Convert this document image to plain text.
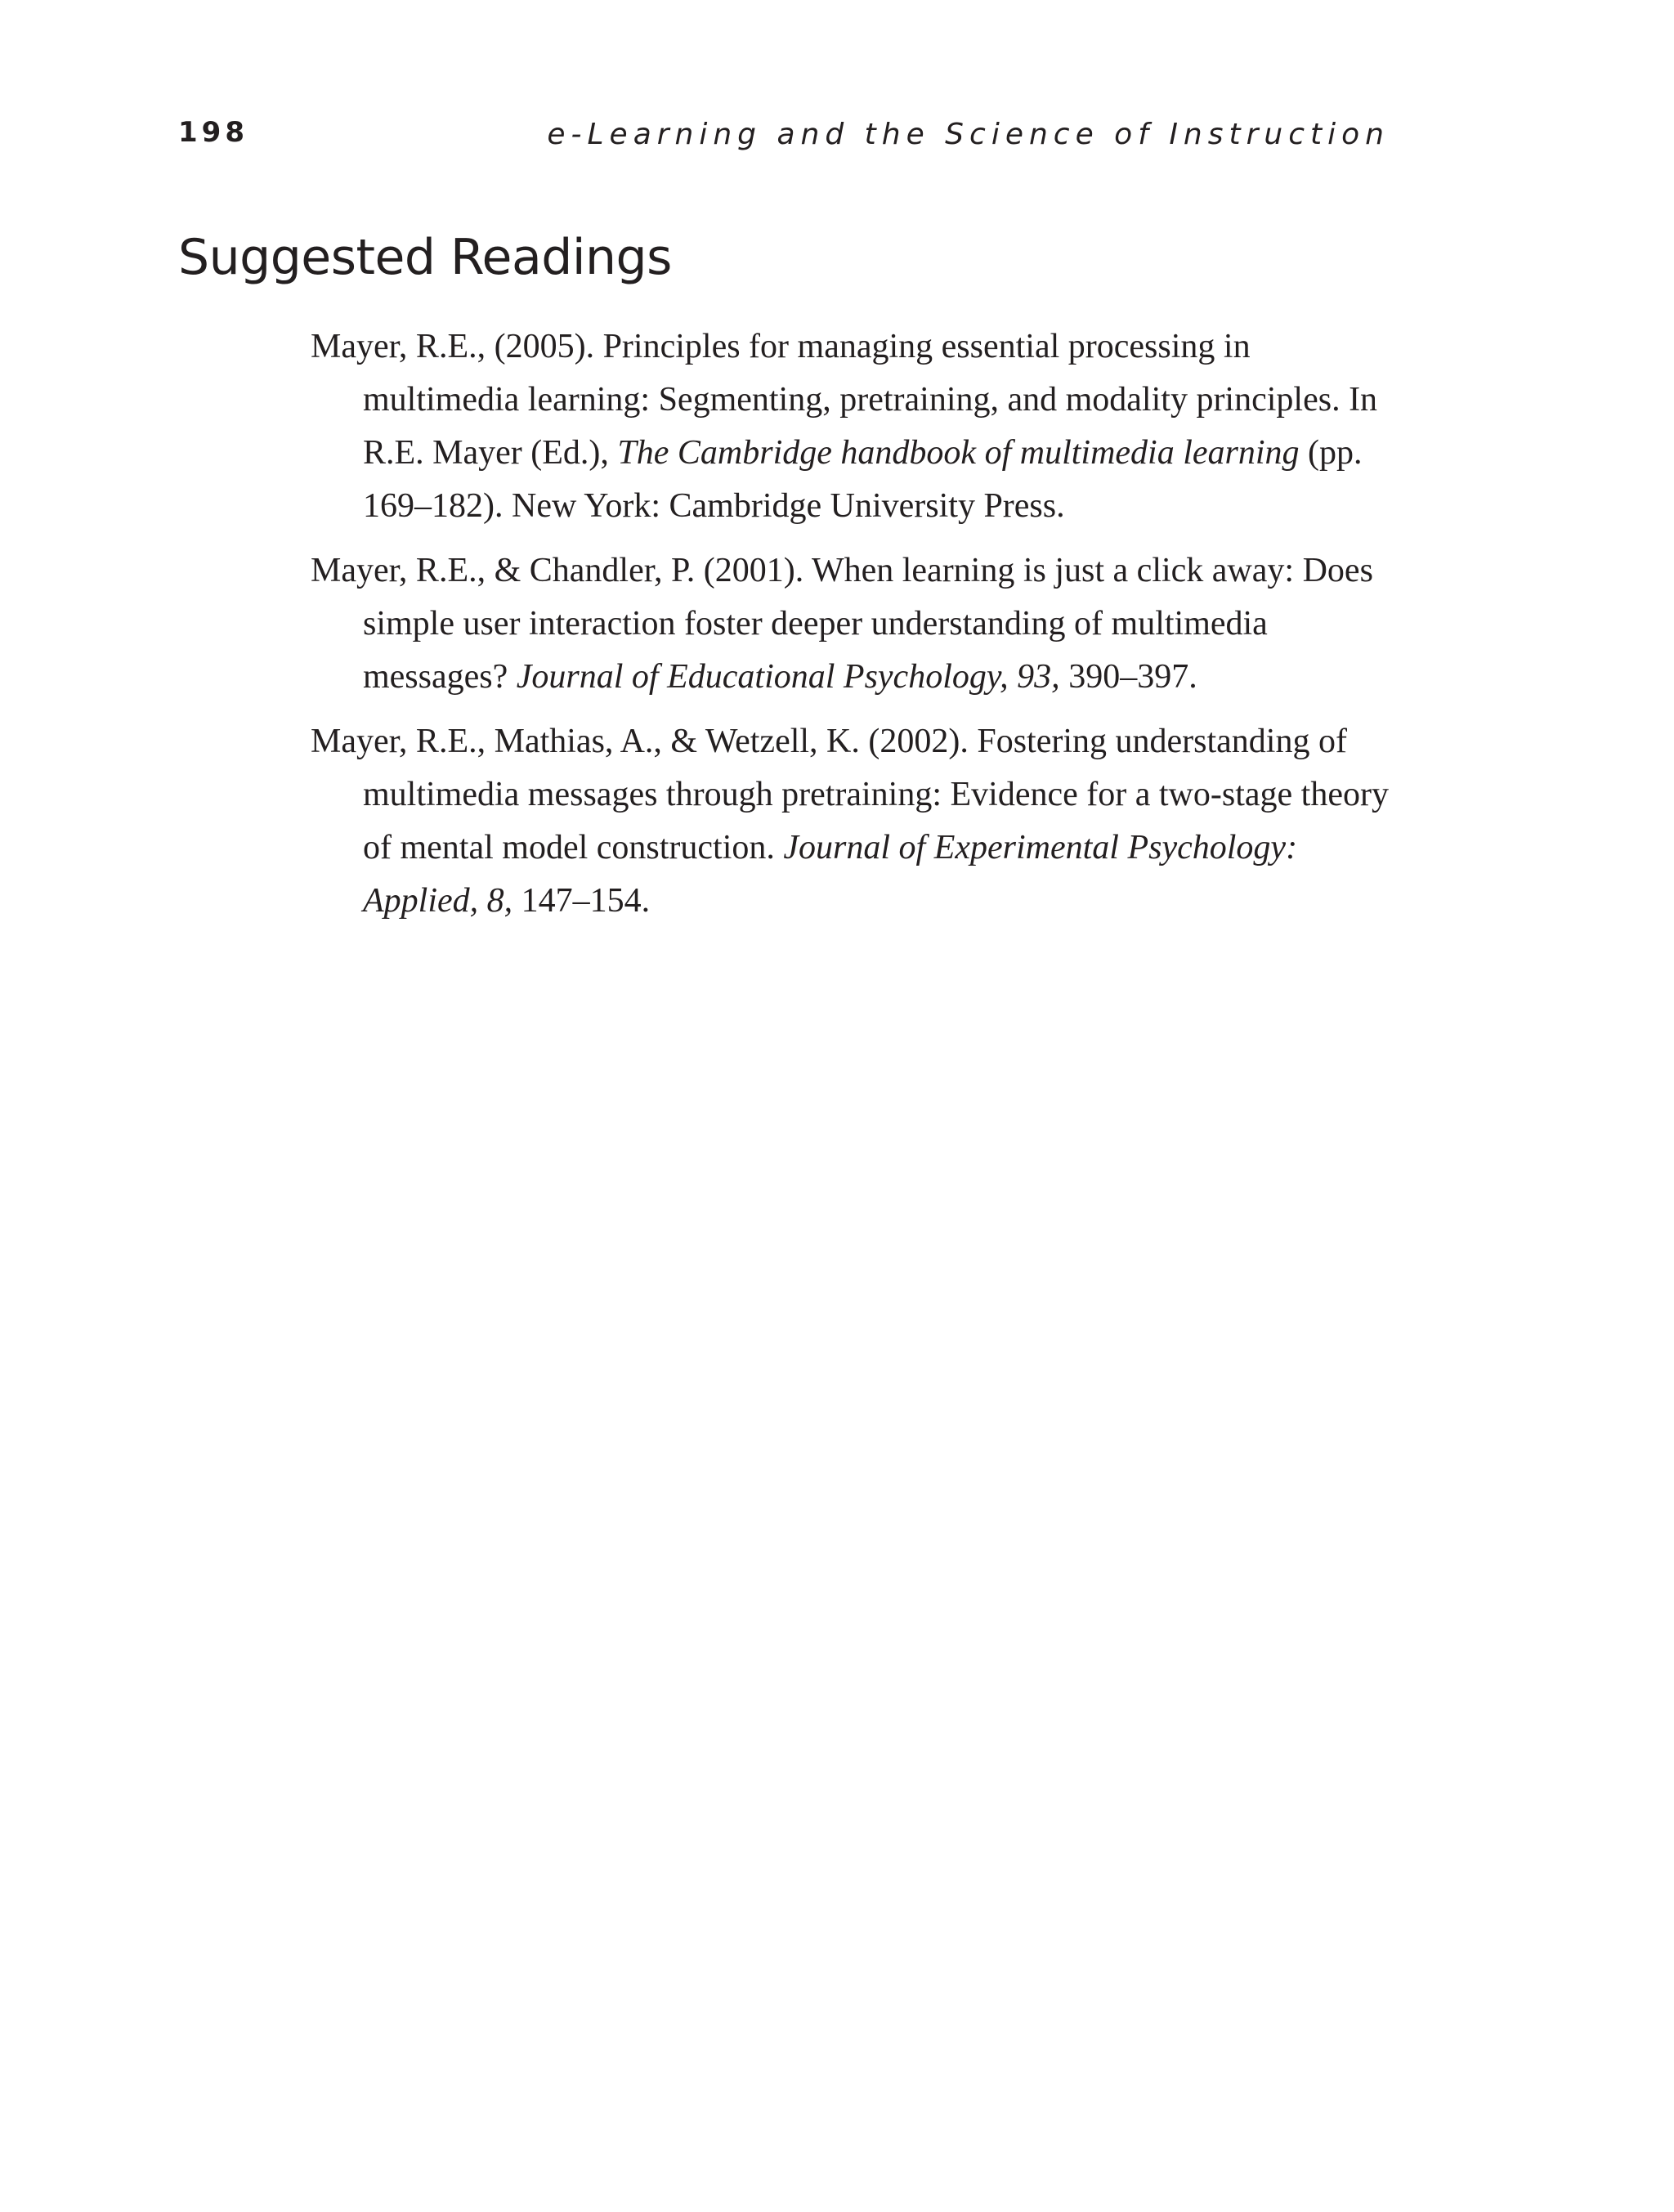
198	e-Learning and the Science of Instruction
Suggested Readings
Mayer, R.E., (2005). Principles for managing essential processing in multimedia learning: Segmenting, pretraining, and modality principles. In R.E. Mayer (Ed.), The Cambridge handbook of multimedia learning (pp. 169–182). New York: Cambridge University Press.
Mayer, R.E., & Chandler, P. (2001). When learning is just a click away: Does simple user interaction foster deeper understanding of multimedia messages? Journal of Educational Psychology, 93, 390–397.
Mayer, R.E., Mathias, A., & Wetzell, K. (2002). Fostering understanding of multimedia messages through pretraining: Evidence for a two-stage theory of mental model construction. Journal of Experimental Psychology: Applied, 8, 147–154.
